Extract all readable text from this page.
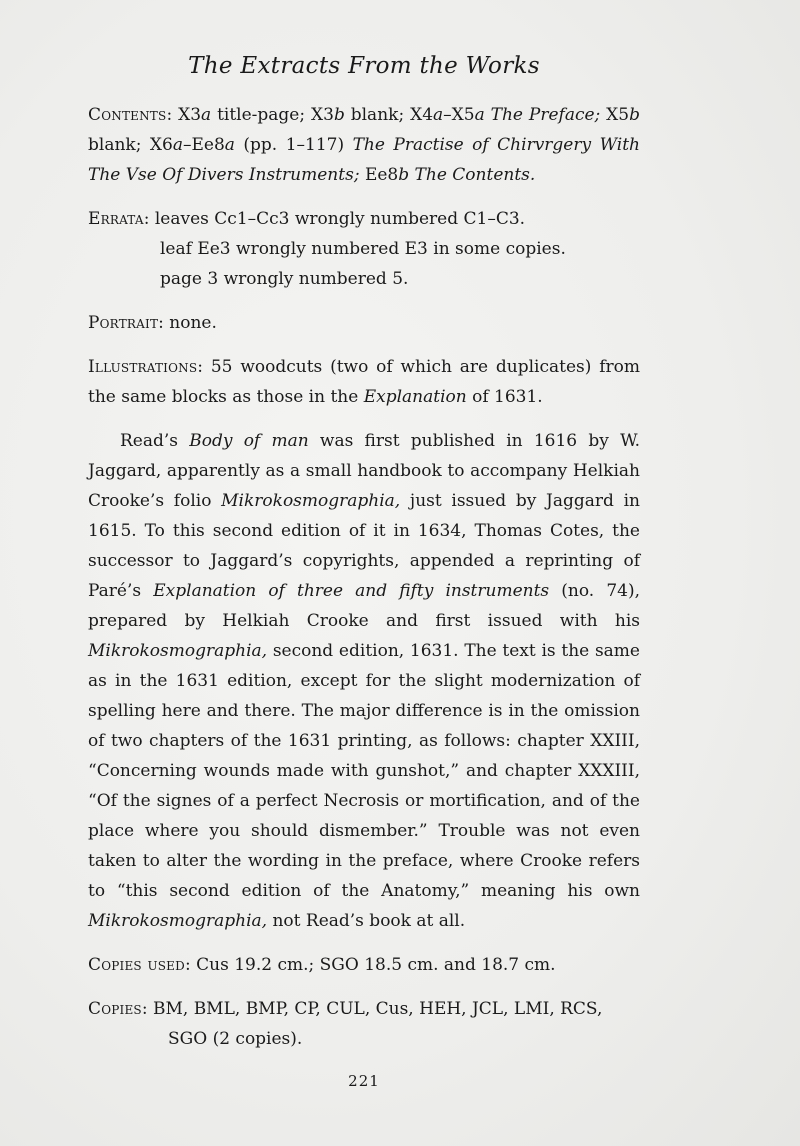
The Extracts From the Works

Contents: X3a title-page; X3b blank; X4a–X5a The Preface; X5b blank; X6a–Ee8a (pp. 1–117) The Practise of Chirvrgery With The Vse Of Divers Instruments; Ee8b The Contents.

Errata: leaves Cc1–Cc3 wrongly numbered C1–C3.
leaf Ee3 wrongly numbered E3 in some copies.
page 3 wrongly numbered 5.

Portrait: none.

Illustrations: 55 woodcuts (two of which are duplicates) from the same blocks as those in the Explanation of 1631.

Read’s Body of man was first published in 1616 by W. Jaggard, apparently as a small handbook to accompany Helkiah Crooke’s folio Mikrokosmographia, just issued by Jaggard in 1615. To this second edition of it in 1634, Thomas Cotes, the successor to Jaggard’s copyrights, appended a reprinting of Paré’s Explanation of three and fifty instruments (no. 74), prepared by Helkiah Crooke and first issued with his Mikrokosmographia, second edition, 1631. The text is the same as in the 1631 edition, except for the slight modernization of spelling here and there. The major difference is in the omission of two chapters of the 1631 printing, as follows: chapter XXIII, “Concerning wounds made with gunshot,” and chapter XXXIII, “Of the signes of a perfect Necrosis or mortification, and of the place where you should dismember.” Trouble was not even taken to alter the wording in the preface, where Crooke refers to “this second edition of the Anatomy,” meaning his own Mikrokosmographia, not Read’s book at all.

Copies used: Cus 19.2 cm.; SGO 18.5 cm. and 18.7 cm.

Copies: BM, BML, BMP, CP, CUL, Cus, HEH, JCL, LMI, RCS,
SGO (2 copies).

221
